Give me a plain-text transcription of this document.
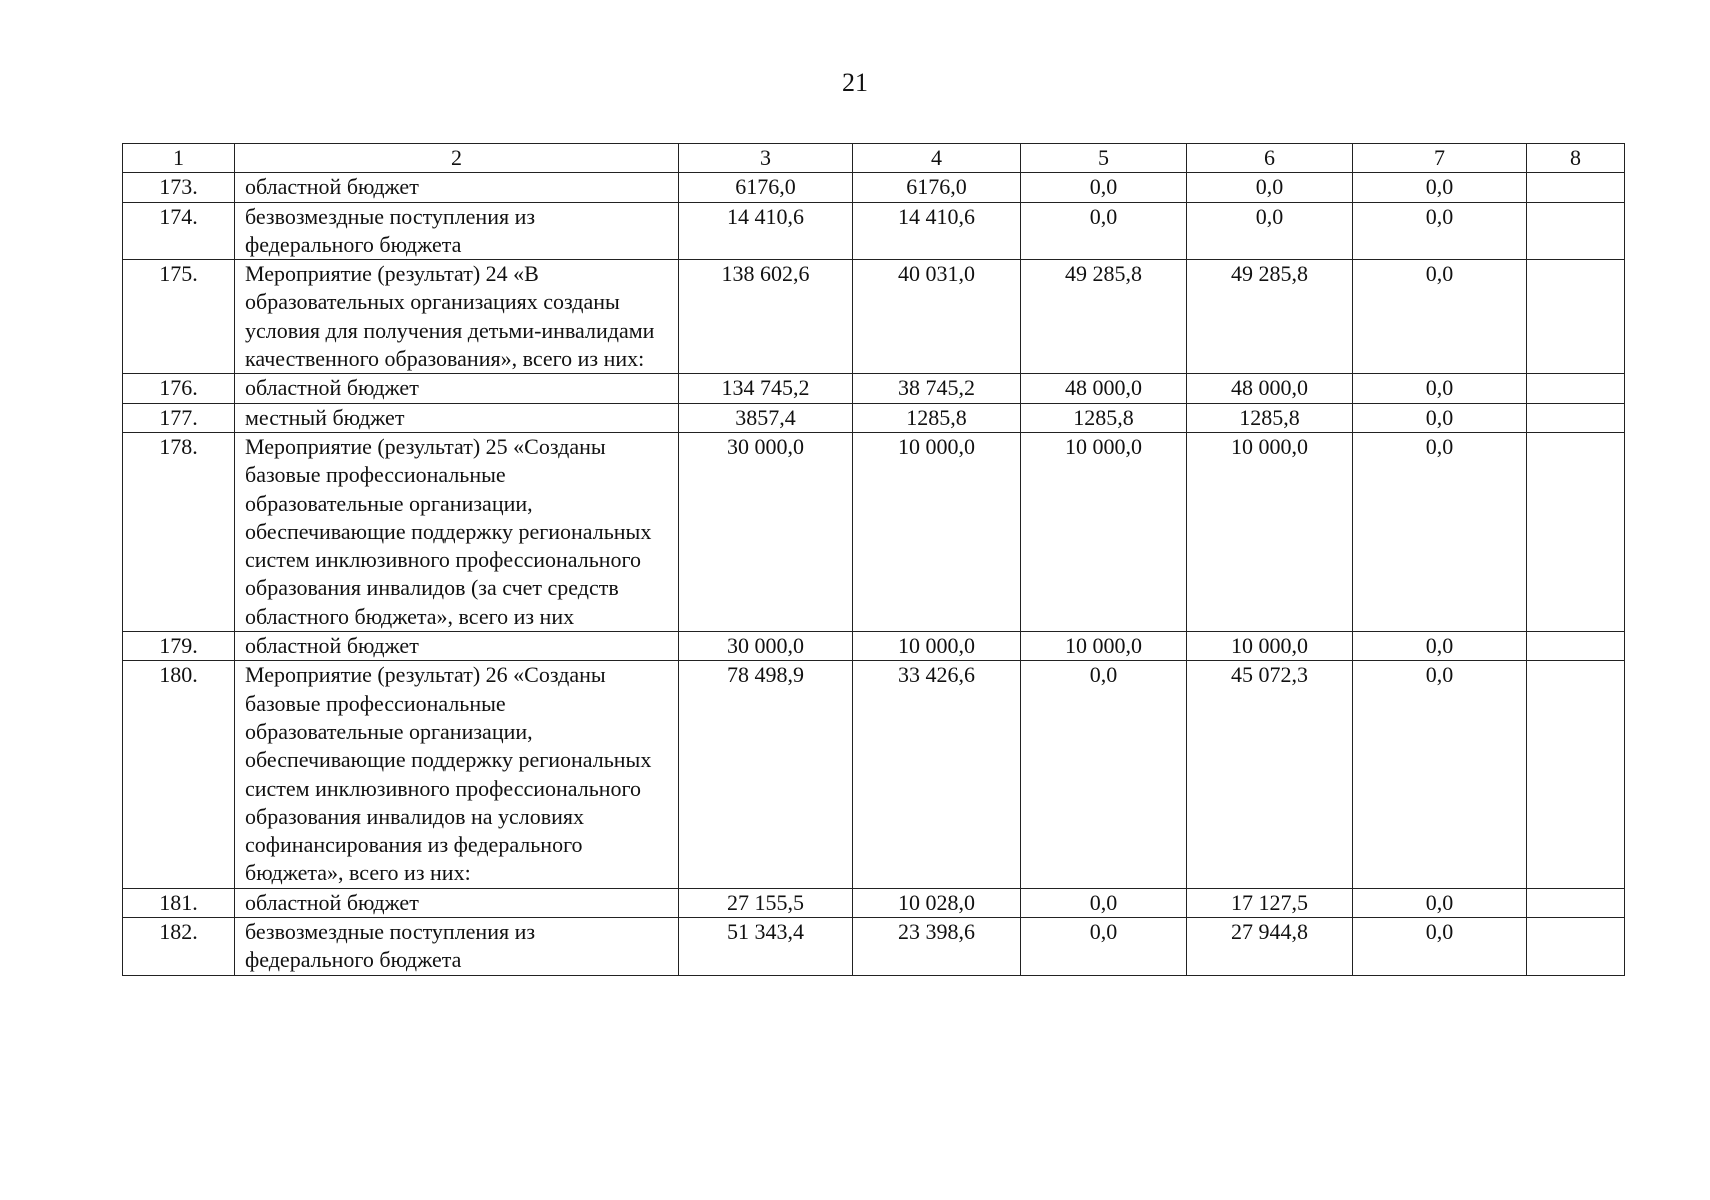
21
1	2	3	4	5	6	7	8
173.	областной бюджет	6176,0	6176,0	0,0	0,0	0,0	
174.	безвозмездные поступления из федерального бюджета	14 410,6	14 410,6	0,0	0,0	0,0	
175.	Мероприятие (результат) 24 «В образовательных организациях созданы условия для получения детьми-инвалидами качественного образования», всего из них:	138 602,6	40 031,0	49 285,8	49 285,8	0,0	
176.	областной бюджет	134 745,2	38 745,2	48 000,0	48 000,0	0,0	
177.	местный бюджет	3857,4	1285,8	1285,8	1285,8	0,0	
178.	Мероприятие (результат) 25 «Созданы базовые профессиональные образовательные организации, обеспечивающие поддержку региональных систем инклюзивного профессионального образования инвалидов (за счет средств областного бюджета», всего из них	30 000,0	10 000,0	10 000,0	10 000,0	0,0	
179.	областной бюджет	30 000,0	10 000,0	10 000,0	10 000,0	0,0	
180.	Мероприятие (результат) 26 «Созданы базовые профессиональные образовательные организации, обеспечивающие поддержку региональных систем инклюзивного профессионального образования инвалидов на условиях софинансирования из федерального бюджета», всего из них:	78 498,9	33 426,6	0,0	45 072,3	0,0	
181.	областной бюджет	27 155,5	10 028,0	0,0	17 127,5	0,0	
182.	безвозмездные поступления из федерального бюджета	51 343,4	23 398,6	0,0	27 944,8	0,0	
